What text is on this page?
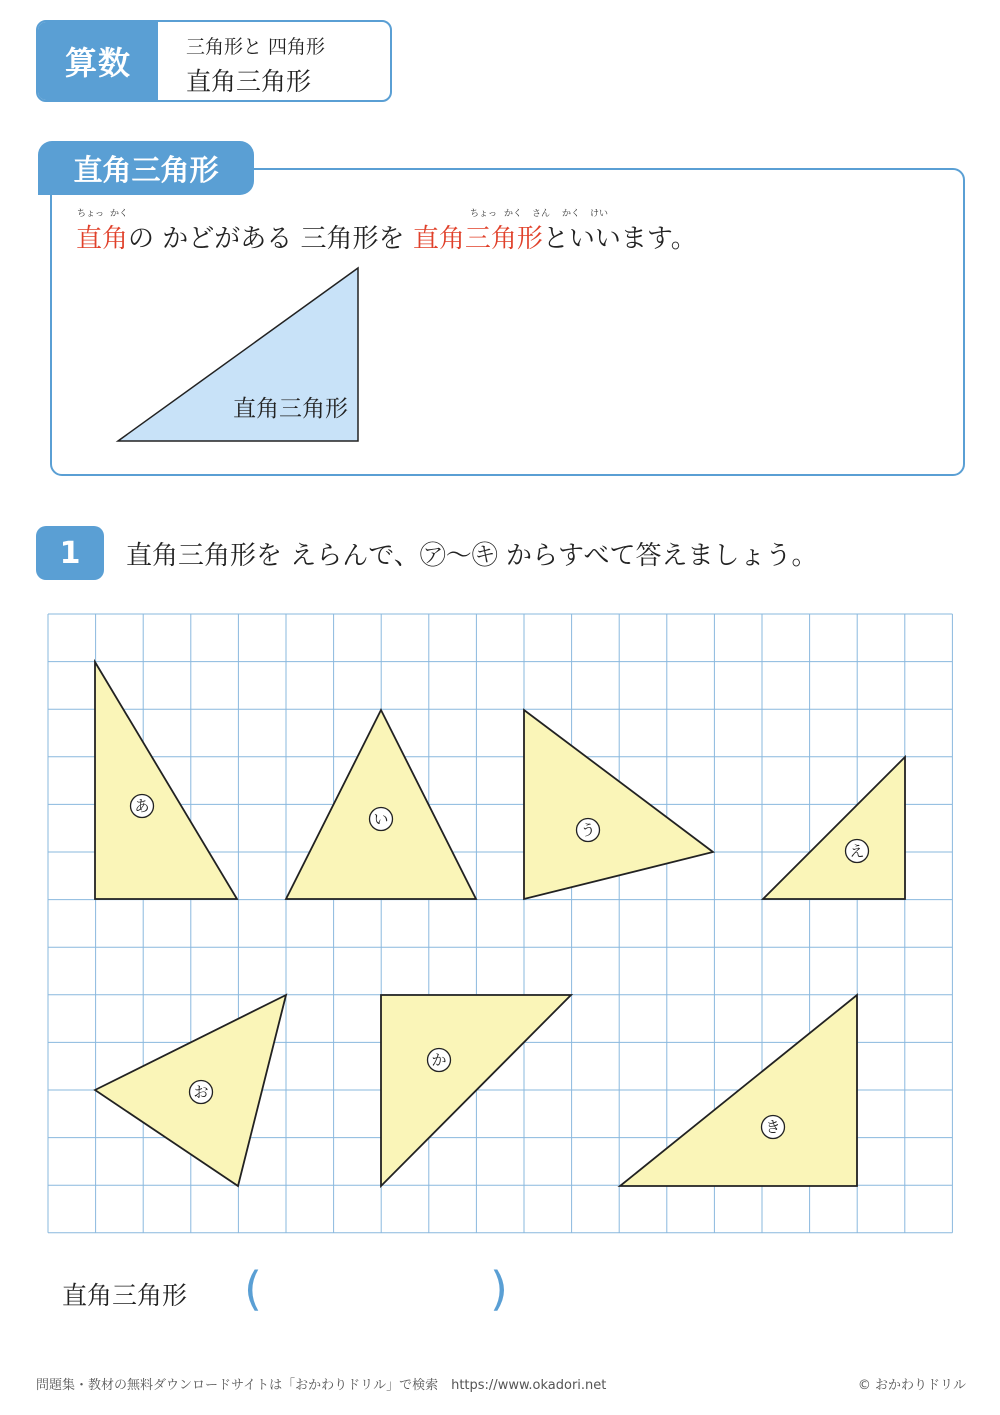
算数	三角形と 四角形
直角三角形
直角三角形
ちょっ かく	ちょっ かく さん かく けい
直角の かどがある 三角形を 直角三角形といいます。
直角三角形
1	直角三角形を えらんで、㋐〜㋖ からすべて答えましょう。
あ
い
う
え
お
か
き
直角三角形 (	)
問題集・教材の無料ダウンロードサイトは「おかわりドリル」で検索　https://www.okadori.net	© おかわりドリル
